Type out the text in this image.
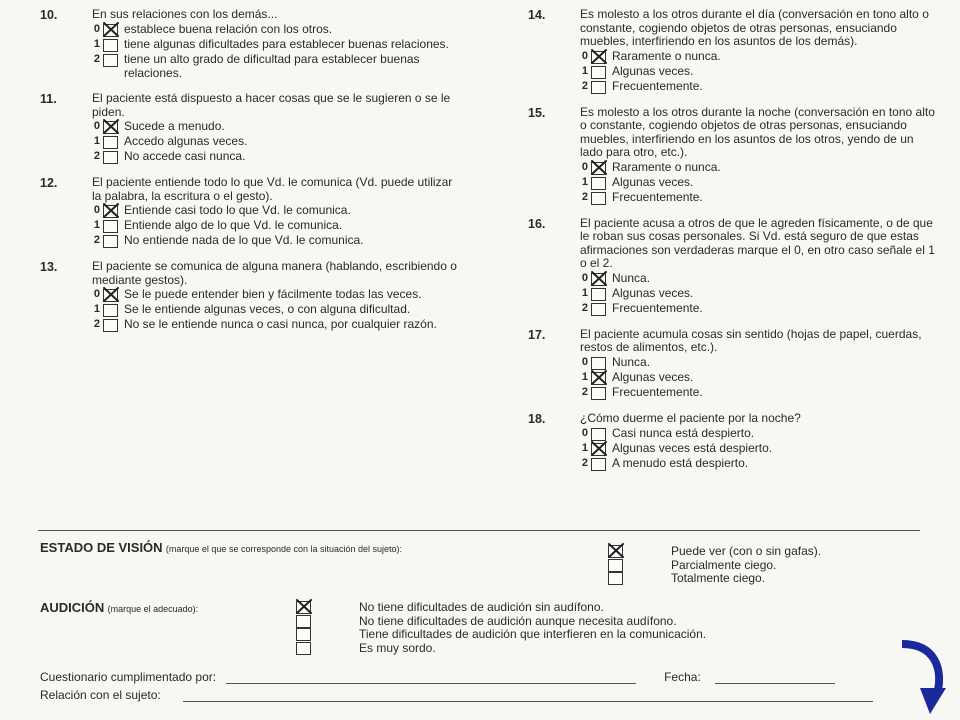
10.	En sus relaciones con los demás...
0 establece buena relación con los otros.
1 tiene algunas dificultades para establecer buenas relaciones.
2 tiene un alto grado de dificultad para establecer buenas relaciones.
11.	El paciente está dispuesto a hacer cosas que se le sugieren o se le piden.
0 Sucede a menudo.
1 Accedo algunas veces.
2 No accede casi nunca.
12.	El paciente entiende todo lo que Vd. le comunica (Vd. puede utilizar la palabra, la escritura o el gesto).
0 Entiende casi todo lo que Vd. le comunica.
1 Entiende algo de lo que Vd. le comunica.
2 No entiende nada de lo que Vd. le comunica.
13.	El paciente se comunica de alguna manera (hablando, escribiendo o mediante gestos).
0 Se le puede entender bien y fácilmente todas las veces.
1 Se le entiende algunas veces, o con alguna dificultad.
2 No se le entiende nunca o casi nunca, por cualquier razón.
14.	Es molesto a los otros durante el día (conversación en tono alto o constante, cogiendo objetos de otras personas, ensuciando muebles, interfiriendo en los asuntos de los demás).
0 Raramente o nunca.
1 Algunas veces.
2 Frecuentemente.
15.	Es molesto a los otros durante la noche (conversación en tono alto o constante, cogiendo objetos de otras personas, ensuciando muebles, interfiriendo en los asuntos de los otros, yendo de un lado para otro, etc.).
0 Raramente o nunca.
1 Algunas veces.
2 Frecuentemente.
16.	El paciente acusa a otros de que le agreden físicamente, o de que le roban sus cosas personales. Si Vd. está seguro de que estas afirmaciones son verdaderas marque el 0, en otro caso señale el 1 o el 2.
0 Nunca.
1 Algunas veces.
2 Frecuentemente.
17.	El paciente acumula cosas sin sentido (hojas de papel, cuerdas, restos de alimentos, etc.).
0 Nunca.
1 Algunas veces.
2 Frecuentemente.
18.	¿Cómo duerme el paciente por la noche?
0 Casi nunca está despierto.
1 Algunas veces está despierto.
2 A menudo está despierto.
ESTADO DE VISIÓN (marque el que se corresponde con la situación del sujeto):	Puede ver (con o sin gafas).
Parcialmente ciego.
Totalmente ciego.
AUDICIÓN (marque el adecuado):	No tiene dificultades de audición sin audífono.
No tiene dificultades de audición aunque necesita audífono.
Tiene dificultades de audición que interfieren en la comunicación.
Es muy sordo.
Cuestionario cumplimentado por:	Fecha:
Relación con el sujeto:
